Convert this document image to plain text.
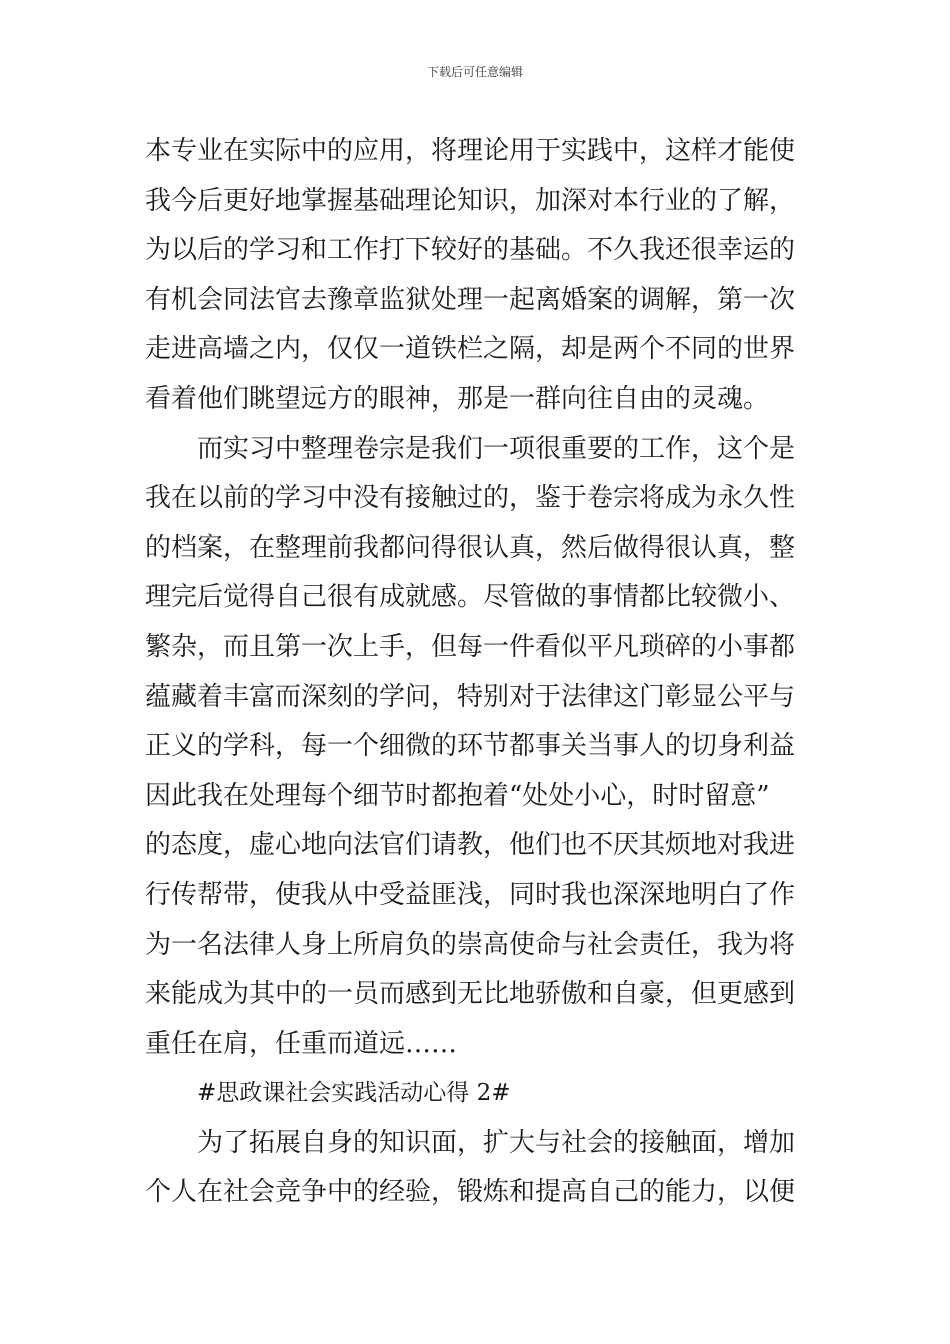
下载后可任意编辑
本专业在实际中的应用，将理论用于实践中，这样才能使
我今后更好地掌握基础理论知识，加深对本行业的了解，
为以后的学习和工作打下较好的基础。不久我还很幸运的
有机会同法官去豫章监狱处理一起离婚案的调解，第一次
走进高墙之内，仅仅一道铁栏之隔，却是两个不同的世界
看着他们眺望远方的眼神，那是一群向往自由的灵魂。
而实习中整理卷宗是我们一项很重要的工作，这个是
我在以前的学习中没有接触过的，鉴于卷宗将成为永久性
的档案，在整理前我都问得很认真，然后做得很认真，整
理完后觉得自己很有成就感。尽管做的事情都比较微小、
繁杂，而且第一次上手，但每一件看似平凡琐碎的小事都
蕴藏着丰富而深刻的学问，特别对于法律这门彰显公平与
正义的学科，每一个细微的环节都事关当事人的切身利益
因此我在处理每个细节时都抱着“处处小心，时时留意”
的态度，虚心地向法官们请教，他们也不厌其烦地对我进
行传帮带，使我从中受益匪浅，同时我也深深地明白了作
为一名法律人身上所肩负的崇高使命与社会责任，我为将
来能成为其中的一员而感到无比地骄傲和自豪，但更感到
重任在肩，任重而道远……
#思政课社会实践活动心得 2#
为了拓展自身的知识面，扩大与社会的接触面，增加
个人在社会竞争中的经验，锻炼和提高自己的能力，以便
